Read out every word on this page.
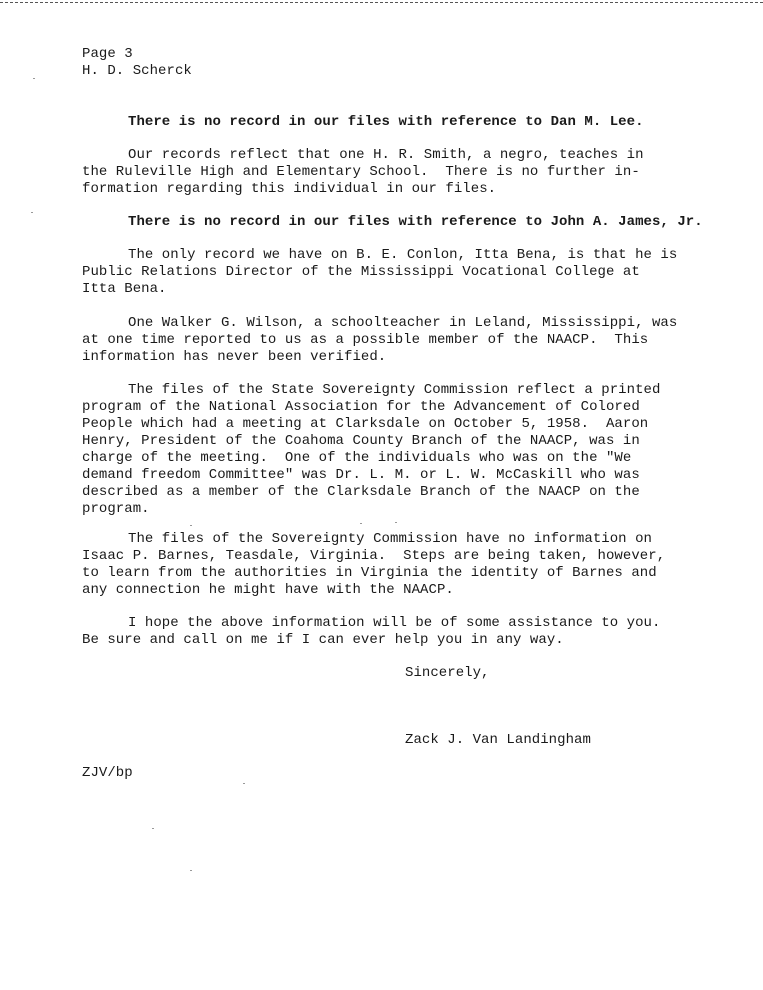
Page 3
H. D. Scherck
There is no record in our files with reference to Dan M. Lee.
Our records reflect that one H. R. Smith, a negro, teaches in
the Ruleville High and Elementary School.  There is no further in-
formation regarding this individual in our files.
There is no record in our files with reference to John A. James, Jr.
The only record we have on B. E. Conlon, Itta Bena, is that he is
Public Relations Director of the Mississippi Vocational College at
Itta Bena.
One Walker G. Wilson, a schoolteacher in Leland, Mississippi, was
at one time reported to us as a possible member of the NAACP.  This
information has never been verified.
The files of the State Sovereignty Commission reflect a printed
program of the National Association for the Advancement of Colored
People which had a meeting at Clarksdale on October 5, 1958.  Aaron
Henry, President of the Coahoma County Branch of the NAACP, was in
charge of the meeting.  One of the individuals who was on the "We
demand freedom Committee" was Dr. L. M. or L. W. McCaskill who was
described as a member of the Clarksdale Branch of the NAACP on the
program.
The files of the Sovereignty Commission have no information on
Isaac P. Barnes, Teasdale, Virginia.  Steps are being taken, however,
to learn from the authorities in Virginia the identity of Barnes and
any connection he might have with the NAACP.
I hope the above information will be of some assistance to you.
Be sure and call on me if I can ever help you in any way.
Sincerely,
Zack J. Van Landingham
ZJV/bp
